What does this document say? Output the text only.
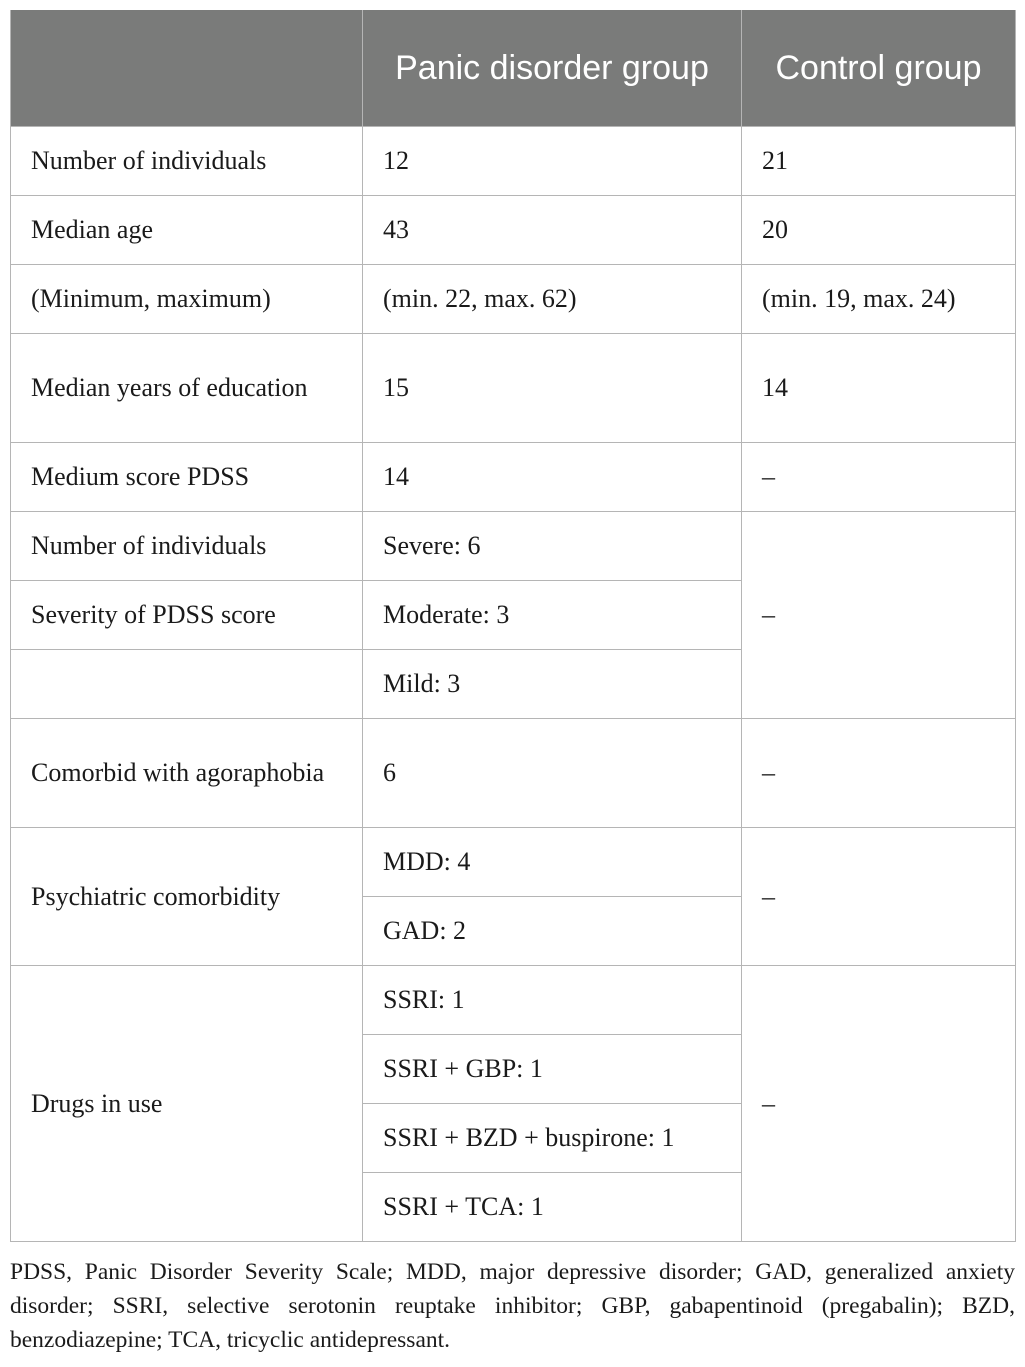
	Panic disorder group	Control group
Number of individuals	12	21
Median age	43	20
(Minimum, maximum)	(min. 22, max. 62)	(min. 19, max. 24)
Median years of education	15	14
Medium score PDSS	14	–
Number of individuals	Severe: 6	–
Severity of PDSS score	Moderate: 3	
	Mild: 3	
Comorbid with agoraphobia	6	–
Psychiatric comorbidity	MDD: 4	–
	GAD: 2	
Drugs in use	SSRI: 1	–
	SSRI + GBP: 1	
	SSRI + BZD + buspirone: 1	
	SSRI + TCA: 1	

PDSS, Panic Disorder Severity Scale; MDD, major depressive disorder; GAD, generalized anxiety disorder; SSRI, selective serotonin reuptake inhibitor; GBP, gabapentinoid (pregabalin); BZD, benzodiazepine; TCA, tricyclic antidepressant.
